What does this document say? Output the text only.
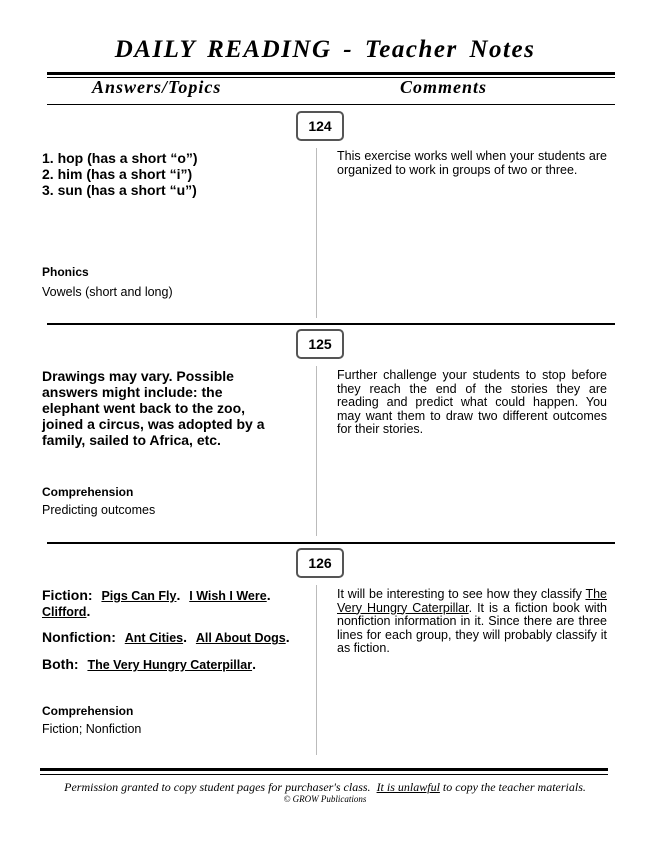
DAILY READING - Teacher Notes
Answers/Topics	Comments
124
1. hop (has a short “o”)
2. him (has a short “i”)
3. sun (has a short “u”)
Phonics
Vowels (short and long)
This exercise works well when your students are organized to work in groups of two or three.
125
Drawings may vary. Possible
answers might include: the
elephant went back to the zoo,
joined a circus, was adopted by a
family, sailed to Africa, etc.
Comprehension
Predicting outcomes
Further challenge your students to stop before they reach the end of the stories they are reading and predict what could happen. You may want them to draw two different outcomes for their stories.
126
Fiction: Pigs Can Fly. I Wish I Were.
Clifford.
Nonfiction: Ant Cities. All About Dogs.
Both: The Very Hungry Caterpillar.
Comprehension
Fiction; Nonfiction
It will be interesting to see how they classify The Very Hungry Caterpillar. It is a fiction book with nonfiction information in it. Since there are three lines for each group, they will probably classify it as fiction.
Permission granted to copy student pages for purchaser's class. It is unlawful to copy the teacher materials.
© GROW Publications
